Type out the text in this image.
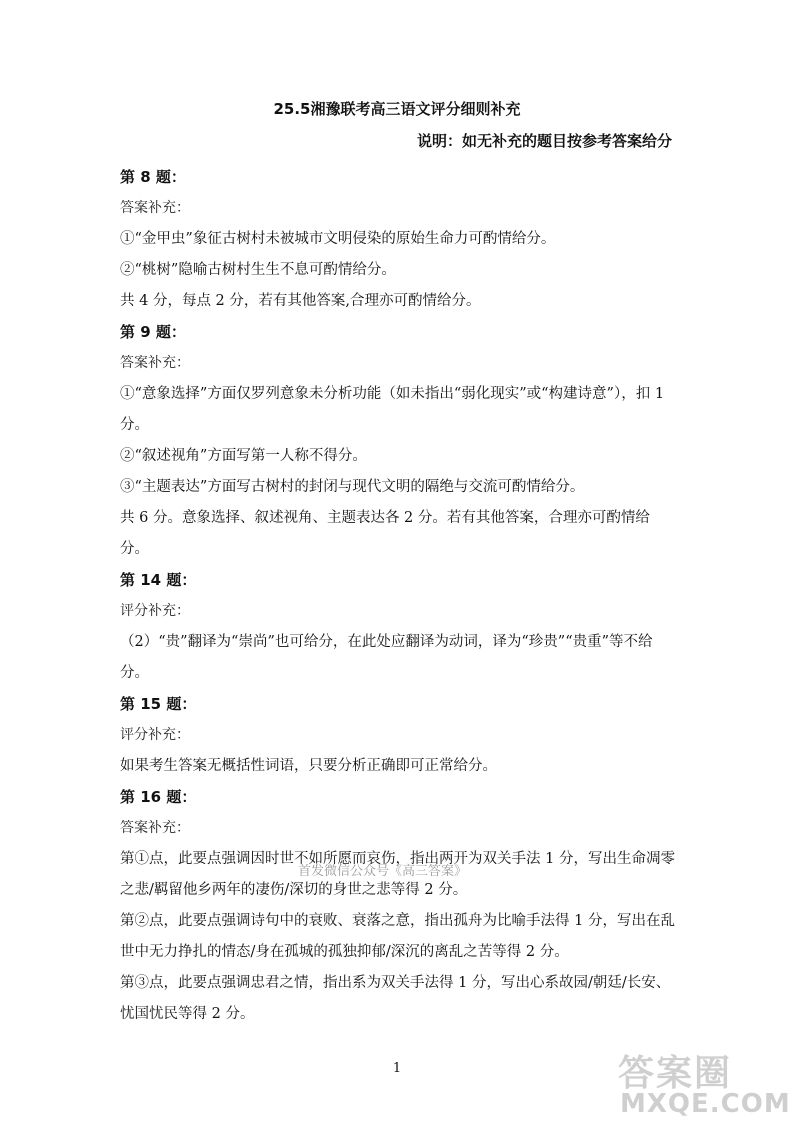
25.5湘豫联考高三语文评分细则补充
说明：如无补充的题目按参考答案给分

第 8 题：

答案补充：

①“金甲虫”象征古树村未被城市文明侵染的原始生命力可酌情给分。

②“桃树”隐喻古树村生生不息可酌情给分。

共 4 分，每点 2 分，若有其他答案,合理亦可酌情给分。

第 9 题：

答案补充：

①“意象选择”方面仅罗列意象未分析功能（如未指出“弱化现实”或“构建诗意”），扣 1 分。

②“叙述视角”方面写第一人称不得分。

③“主题表达”方面写古树村的封闭与现代文明的隔绝与交流可酌情给分。

共 6 分。意象选择、叙述视角、主题表达各 2 分。若有其他答案，合理亦可酌情给分。

第 14 题：

评分补充：

（2）“贵”翻译为“崇尚”也可给分，在此处应翻译为动词，译为“珍贵”“贵重”等不给分。

第 15 题：

评分补充：

如果考生答案无概括性词语，只要分析正确即可正常给分。

第 16 题：

答案补充：

第①点，此要点强调因时世不如所愿而哀伤，指出两开为双关手法 1 分，写出生命凋零之悲/羁留他乡两年的凄伤/深切的身世之悲等得 2 分。

第②点，此要点强调诗句中的衰败、衰落之意，指出孤舟为比喻手法得 1 分，写出在乱世中无力挣扎的情态/身在孤城的孤独抑郁/深沉的离乱之苦等得 2 分。

第③点，此要点强调忠君之情，指出系为双关手法得 1 分，写出心系故园/朝廷/长安、忧国忧民等得 2 分。

首发微信公众号《高三答案》
1	答案圈
MXQE.COM
